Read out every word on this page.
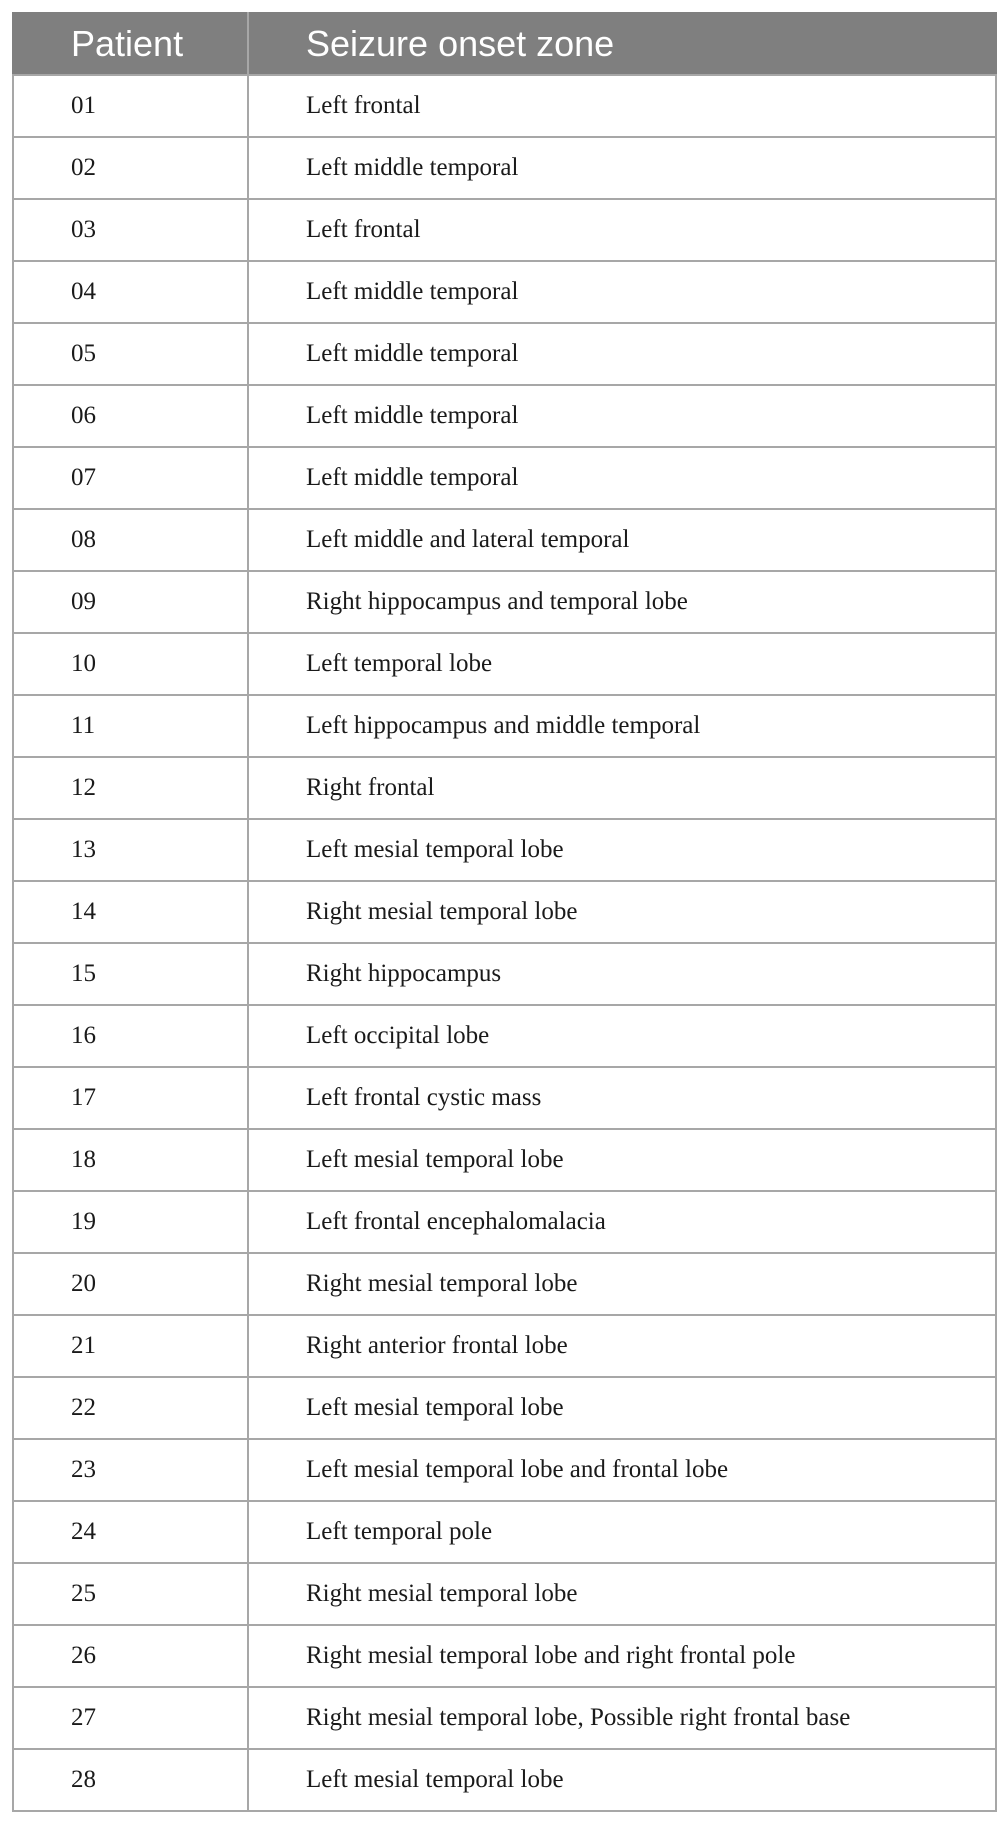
Patient	Seizure onset zone
01	Left frontal
02	Left middle temporal
03	Left frontal
04	Left middle temporal
05	Left middle temporal
06	Left middle temporal
07	Left middle temporal
08	Left middle and lateral temporal
09	Right hippocampus and temporal lobe
10	Left temporal lobe
11	Left hippocampus and middle temporal
12	Right frontal
13	Left mesial temporal lobe
14	Right mesial temporal lobe
15	Right hippocampus
16	Left occipital lobe
17	Left frontal cystic mass
18	Left mesial temporal lobe
19	Left frontal encephalomalacia
20	Right mesial temporal lobe
21	Right anterior frontal lobe
22	Left mesial temporal lobe
23	Left mesial temporal lobe and frontal lobe
24	Left temporal pole
25	Right mesial temporal lobe
26	Right mesial temporal lobe and right frontal pole
27	Right mesial temporal lobe, Possible right frontal base
28	Left mesial temporal lobe
